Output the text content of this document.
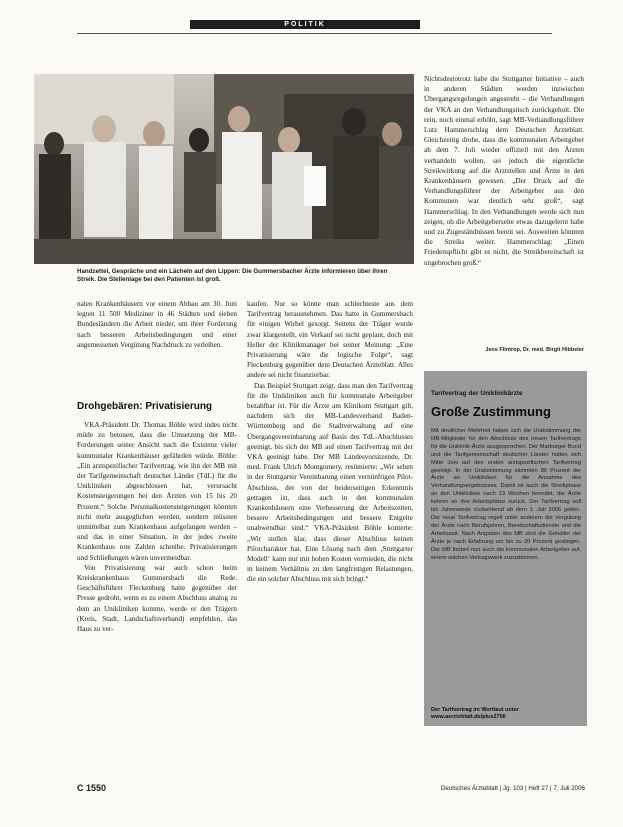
POLITIK
Handzettel, Gespräche und ein Lächeln auf den Lippen: Die Gummersbacher Ärzte informieren über ihren Streik. Die Stellenlage bei den Patienten ist groß.

nalen Krankenhäusern vor einem Abbau am 30. Juni legten 11 500 Mediziner in 46 Städten und sieben Bundesländern die Arbeit nieder, um ihrer Forderung nach besseren Arbeitsbedingungen und einer angemessenen Vergütung Nachdruck zu verleihen.

Drohgebären: Privatisierung

VKA-Präsident Dr. Thomas Böhle wird indes nicht müde zu betonen, dass die Umsetzung der MB-Forderungen seiner Ansicht nach die Existenz vieler kommunaler Krankenhäuser gefährden würde. Böhle: „Ein arztspezifischer Tarifvertrag, wie ihn der MB mit der Tarifgemeinschaft deutscher Länder (TdL) für die Unikliniken abgeschlossen hat, verursacht Kostensteigerungen bei den Ärzten von 15 bis 20 Prozent.“ Solche Personalkostensteigerungen könnten nicht mehr ausgeglichen werden, sondern müssten unmittelbar zum Krankenhaus aufgefangen werden – und das in einer Situation, in der jedes zweite Krankenhaus rote Zahlen schreibe. Privatisierungen und Schließungen wären unvermeidbar.

Von Privatisierung war auch schon beim Kreiskrankenhaus Gummersbach die Rede. Geschäftsführer Fleckenburg hatte gegenüber der Presse gedroht, wenn es zu einem Abschluss analog zu dem an Unikliniken komme, werde er den Trägern (Kreis, Stadt, Landschaftsverband) empfehlen, das Haus zu ver-

kaufen. Nur so könne man schlechteste aus dem Tarifvertrag herausnehmen. Das hatte in Gummersbach für einigen Wirbel gesorgt. Seitens der Träger wurde zwar klargestellt, ein Verkauf sei nicht geplant, doch mit Heller der Klinikmanager bei seiner Meinung: „Eine Privatisierung wäre die logische Folge“, sagt Fleckenburg gegenüber dem Deutschen Ärzteblatt. Alles andere sei nicht finanzierbar.

Das Beispiel Stuttgart zeigt, dass man den Tarifvertrag für die Unikliniken auch für kommunale Arbeitgeber bezahlbar ist. Für die Ärzte am Klinikum Stuttgart gilt, nachdem sich der MB-Landesverband Baden-Württemberg und die Stadtverwaltung auf eine Übergangsvereinbarung auf Basis des TdL-Abschlusses geeinigt, bis sich der MB auf einen Tarifvertrag mit der VKA geeinigt habe. Der MB Landesvorsitzende, Dr. med. Frank Ulrich Montgomery, resümierte: „Wir sehen in der Stuttgarter Vereinbarung einen vernünftigen Pilot-Abschluss, der von der beiderseitigen Erkenntnis getragen ist, dass auch in den kommunalen Krankenhäusern eine Verbesserung der Arbeitszeiten, bessere Arbeitsbedingungen und bessere Entgelte unabwendbar sind.“ VKA-Präsident Böhle konterte: „Wir stellen klar, dass dieser Abschluss keinen Pilotcharakter hat. Eine Lösung nach dem ‚Stuttgarter Modell‘ kann nur mit hohen Kosten vermieden, die nicht in keinem Verhältnis zu den langfristigen Belastungen, die ein solcher Abschluss mit sich bringt.“

Nichtsdestotrotz habe die Stuttgarter Initiative – auch in anderen Städten werden inzwischen Übergangsregelungen angestrebt – die Verhandlungen der VKA an den Verhandlungstisch zurückgeholt. Die rein, noch einmal erhöht, sagt MB-Verhandlungsführer Lutz Hammerschlag dem Deutschen Ärzteblatt. Gleichzeitig drohe, dass die kommunalen Arbeitgeber ab dem 7. Juli wieder offiziell mit den Ärzten verhandeln wollen, sei jedoch die eigentliche Streikwirkung auf die Arztstellen und Ärzte in den Krankenhäusern gewesen. „Der Druck auf die Verhandlungsführer der Arbeitgeber aus den Kommunen war deutlich sehr groß“, sagt Hammerschlag. In den Verhandlungen werde sich nun zeigen, ob die Arbeitgeberseite etwas dazugelernt habe und zu Zugeständnissen bereit sei. Ausweiten könnten die Streiks weiter. Hammerschlag: „Einen Friedenspflicht gibt es nicht, die Streikbereitschaft ist ungebrochen groß.“

Jens Flintrop, Dr. med. Birgit Hibbeler
Tarifvertrag der Uniklinikärzte
Große Zustimmung
Mit deutlicher Mehrheit haben sich die Urabstimmung der MB-Mitglieder für den Abschluss des neuen Tarifvertrags für die Uniklinik-Ärzte ausgesprochen. Der Marburger Bund und die Tarifgemeinschaft deutscher Länder hatten sich Mitte Juni auf den ersten arztspezifischen Tarifvertrag geeinigt. In der Urabstimmung stimmten 86 Prozent der Ärzte an Unikliniken für die Annahme des Verhandlungsergebnisses. Damit ist auch die Streikphase an den Unikliniken nach 13 Wochen beendet, die Ärzte kehren an ihre Arbeitsplätze zurück. Der Tarifvertrag soll bis Jahresende rückwirkend ab dem 1. Juli 2006 gelten. Der neue Tarifvertrag regelt unter anderem die Vergütung der Ärzte nach Berufsjahren, Bereitschaftsdienste und die Arbeitszeit. Nach Angaben des MB sind die Gehälter der Ärzte je nach Erfahrung um bis zu 20 Prozent gestiegen. Der MB fordert nun auch die kommunalen Arbeitgeber auf, einem solchen Vertragswerk zuzustimmen.
Der Tarifvertrag im Wortlaut unter www.aerzteblatt.de/plus2706
C 1550	Deutsches Ärzteblatt | Jg. 103 | Heft 27 | 7. Juli 2006
